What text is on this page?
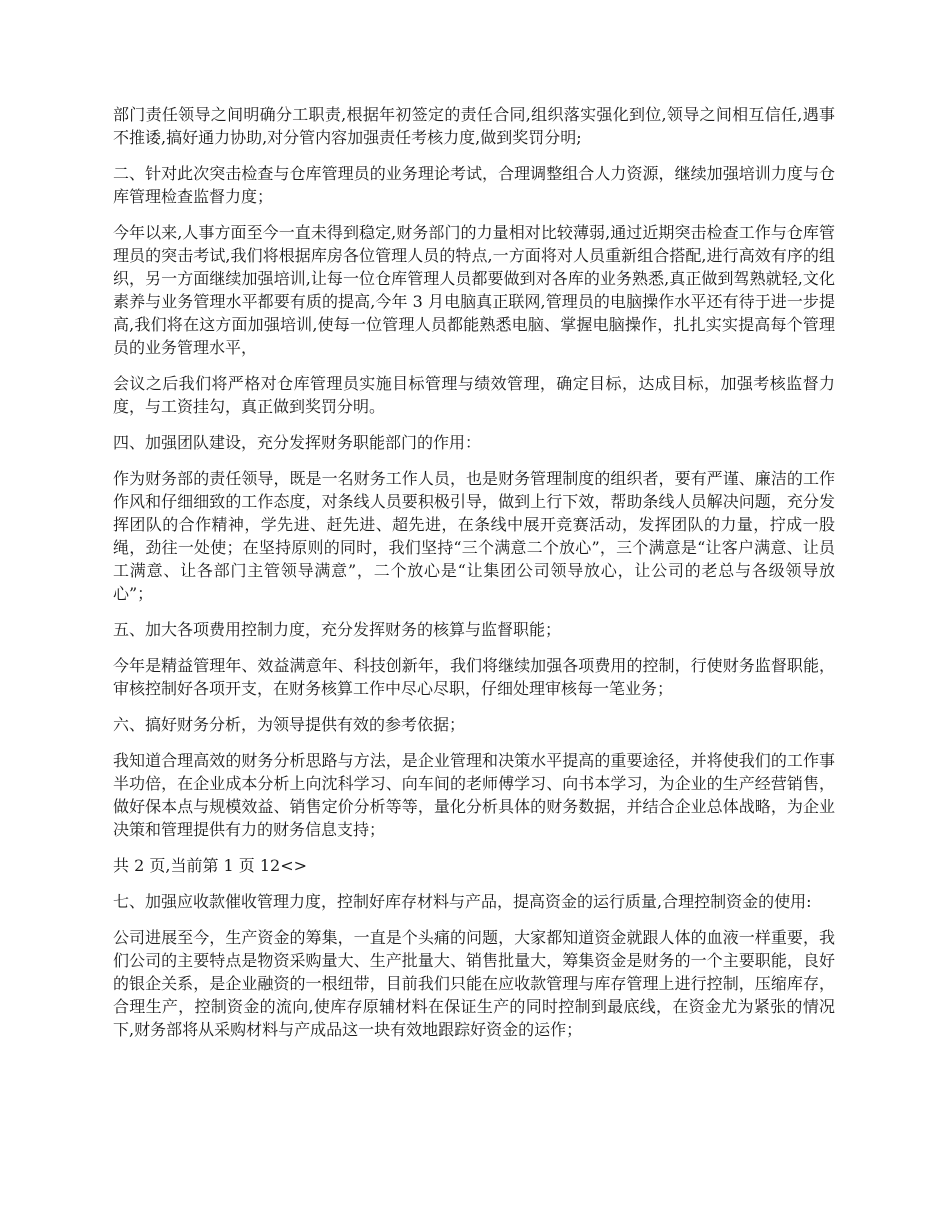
部门责任领导之间明确分工职责,根据年初签定的责任合同,组织落实强化到位,领导之间相互信任,遇事不推诿,搞好通力协助,对分管内容加强责任考核力度,做到奖罚分明;

二、针对此次突击检查与仓库管理员的业务理论考试，合理调整组合人力资源，继续加强培训力度与仓库管理检查监督力度；

今年以来,人事方面至今一直未得到稳定,财务部门的力量相对比较薄弱,通过近期突击检查工作与仓库管理员的突击考试,我们将根据库房各位管理人员的特点,一方面将对人员重新组合搭配,进行高效有序的组织，另一方面继续加强培训,让每一位仓库管理人员都要做到对各库的业务熟悉,真正做到驾熟就轻,文化素养与业务管理水平都要有质的提高,今年 3 月电脑真正联网,管理员的电脑操作水平还有待于进一步提高,我们将在这方面加强培训,使每一位管理人员都能熟悉电脑、掌握电脑操作，扎扎实实提高每个管理员的业务管理水平，

会议之后我们将严格对仓库管理员实施目标管理与绩效管理，确定目标，达成目标，加强考核监督力度，与工资挂勾，真正做到奖罚分明。

四、加强团队建设，充分发挥财务职能部门的作用：

作为财务部的责任领导，既是一名财务工作人员，也是财务管理制度的组织者，要有严谨、廉洁的工作作风和仔细细致的工作态度，对条线人员要积极引导，做到上行下效，帮助条线人员解决问题，充分发挥团队的合作精神，学先进、赶先进、超先进，在条线中展开竞赛活动，发挥团队的力量，拧成一股绳，劲往一处使；在坚持原则的同时，我们坚持“三个满意二个放心”，三个满意是“让客户满意、让员工满意、让各部门主管领导满意”，二个放心是“让集团公司领导放心，让公司的老总与各级领导放心”；

五、加大各项费用控制力度，充分发挥财务的核算与监督职能；

今年是精益管理年、效益满意年、科技创新年，我们将继续加强各项费用的控制，行使财务监督职能，审核控制好各项开支，在财务核算工作中尽心尽职，仔细处理审核每一笔业务；

六、搞好财务分析，为领导提供有效的参考依据；

我知道合理高效的财务分析思路与方法，是企业管理和决策水平提高的重要途径，并将使我们的工作事半功倍，在企业成本分析上向沈科学习、向车间的老师傅学习、向书本学习，为企业的生产经营销售，做好保本点与规模效益、销售定价分析等等，量化分析具体的财务数据，并结合企业总体战略，为企业决策和管理提供有力的财务信息支持；

共 2 页,当前第 1 页 12<>

七、加强应收款催收管理力度，控制好库存材料与产品，提高资金的运行质量,合理控制资金的使用:

公司进展至今，生产资金的筹集，一直是个头痛的问题，大家都知道资金就跟人体的血液一样重要，我们公司的主要特点是物资采购量大、生产批量大、销售批量大，筹集资金是财务的一个主要职能，良好的银企关系，是企业融资的一根纽带，目前我们只能在应收款管理与库存管理上进行控制，压缩库存，合理生产，控制资金的流向,使库存原辅材料在保证生产的同时控制到最底线，在资金尤为紧张的情况下,财务部将从采购材料与产成品这一块有效地跟踪好资金的运作；
